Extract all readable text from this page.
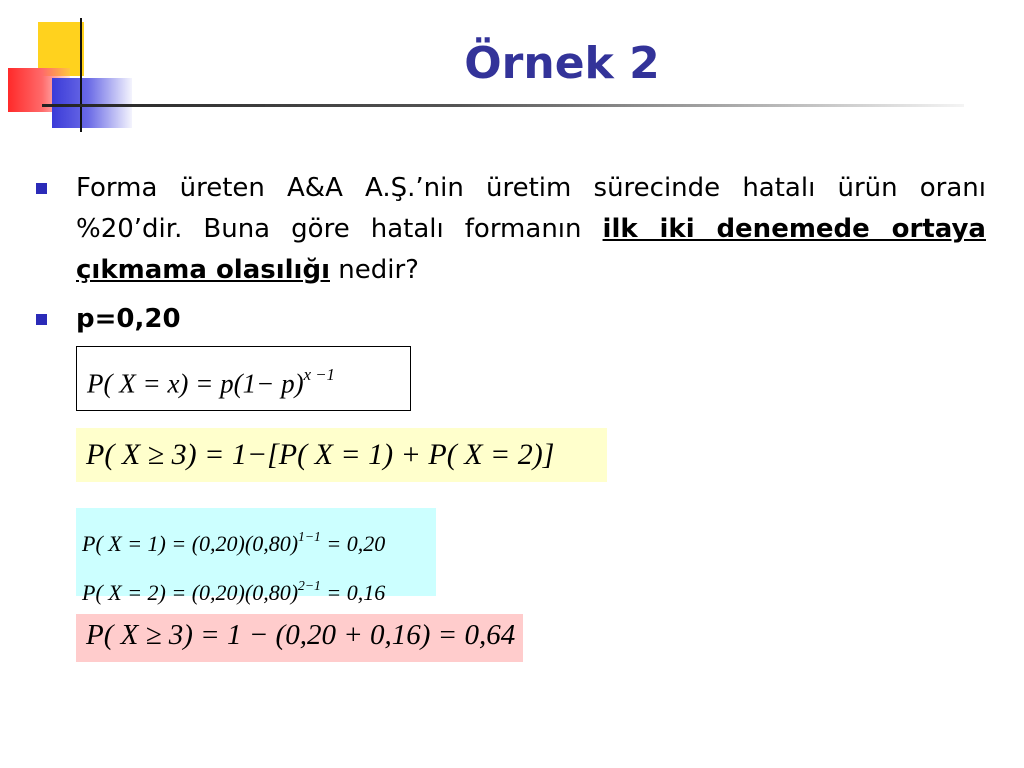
Örnek 2
Forma üreten A&A A.Ş.’nin üretim sürecinde hatalı ürün oranı %20’dir. Buna göre hatalı formanın ilk iki denemede ortaya çıkmama olasılığı nedir?
p=0,20
P( $X = x) = p(1- p)^{x -1}$
P( X ≥ 3) = 1−[P( X = 1) + P( X = 2)]
P( $X = 1) = (0,20)(0,80)^{1-1} = 0,20$
P( $X = 2) = (0,20)(0,80)^{2-1} = 0,16$
P( X ≥ 3) = 1 − (0,20 + 0,16) = 0,64
